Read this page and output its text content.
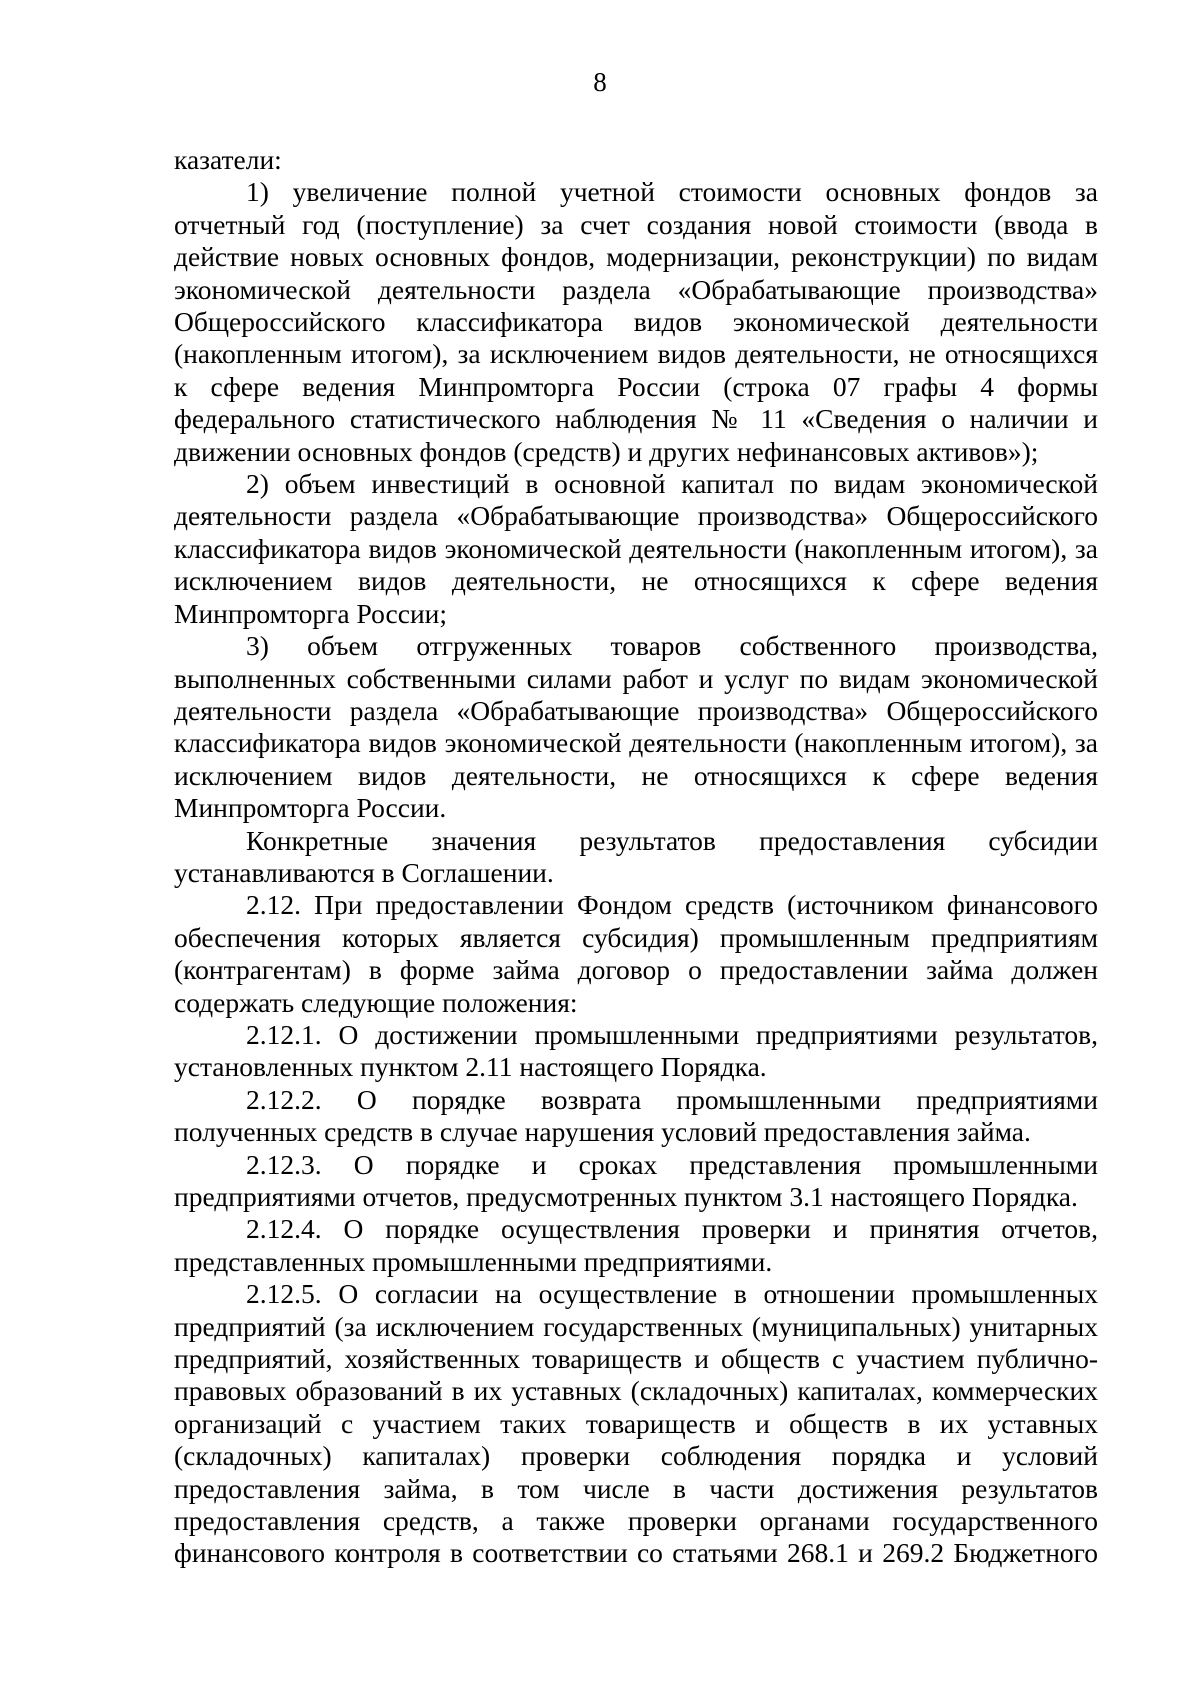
8

казатели:

1) увеличение полной учетной стоимости основных фондов за отчетный год (поступление) за счет создания новой стоимости (ввода в действие новых основных фондов, модернизации, реконструкции) по видам экономической деятельности раздела «Обрабатывающие производства» Общероссийского классификатора видов экономической деятельности (накопленным итогом), за исключением видов деятельности, не относящихся к сфере ведения Минпромторга России (строка 07 графы 4 формы федерального статистического наблюдения № 11 «Сведения о наличии и движении основных фондов (средств) и других нефинансовых активов»);

2) объем инвестиций в основной капитал по видам экономической деятельности раздела «Обрабатывающие производства» Общероссийского классификатора видов экономической деятельности (накопленным итогом), за исключением видов деятельности, не относящихся к сфере ведения Минпромторга России;

3) объем отгруженных товаров собственного производства, выполненных собственными силами работ и услуг по видам экономической деятельности раздела «Обрабатывающие производства» Общероссийского классификатора видов экономической деятельности (накопленным итогом), за исключением видов деятельности, не относящихся к сфере ведения Минпромторга России.

Конкретные значения результатов предоставления субсидии устанавливаются в Соглашении.

2.12. При предоставлении Фондом средств (источником финансового обеспечения которых является субсидия) промышленным предприятиям (контрагентам) в форме займа договор о предоставлении займа должен содержать следующие положения:

2.12.1. О достижении промышленными предприятиями результатов, установленных пунктом 2.11 настоящего Порядка.

2.12.2. О порядке возврата промышленными предприятиями полученных средств в случае нарушения условий предоставления займа.

2.12.3. О порядке и сроках представления промышленными предприятиями отчетов, предусмотренных пунктом 3.1 настоящего Порядка.

2.12.4. О порядке осуществления проверки и принятия отчетов, представленных промышленными предприятиями.

2.12.5. О согласии на осуществление в отношении промышленных предприятий (за исключением государственных (муниципальных) унитарных предприятий, хозяйственных товариществ и обществ с участием публично-правовых образований в их уставных (складочных) капиталах, коммерческих организаций с участием таких товариществ и обществ в их уставных (складочных) капиталах) проверки соблюдения порядка и условий предоставления займа, в том числе в части достижения результатов предоставления средств, а также проверки органами государственного финансового контроля в соответствии со статьями 268.1 и 269.2 Бюджетного
